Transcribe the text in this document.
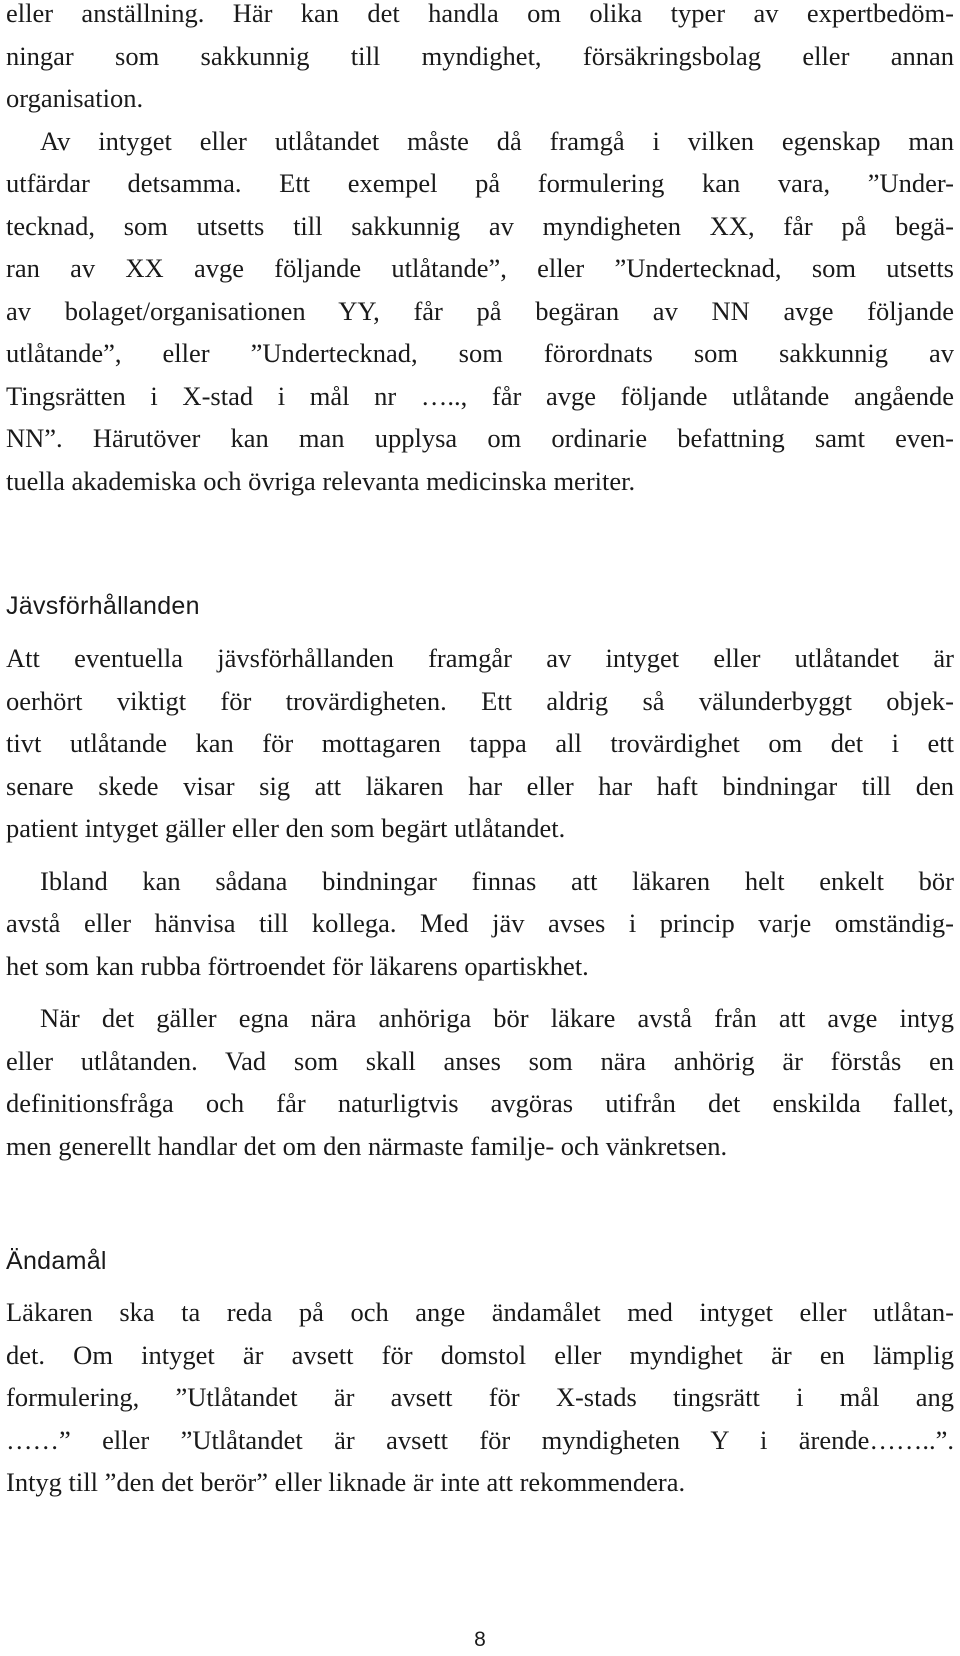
eller anställning. Här kan det handla om olika typer av expertbedöm-
ningar som sakkunnig till myndighet, försäkringsbolag eller annan
organisation.
Av intyget eller utlåtandet måste då framgå i vilken egenskap man
utfärdar detsamma. Ett exempel på formulering kan vara, ”Under-
tecknad, som utsetts till sakkunnig av myndigheten XX, får på begä-
ran av XX avge följande utlåtande”, eller ”Undertecknad, som utsetts
av bolaget/organisationen YY, får på begäran av NN avge följande
utlåtande”, eller ”Undertecknad, som förordnats som sakkunnig av
Tingsrätten i X-stad i mål nr ….., får avge följande utlåtande angående
NN”. Härutöver kan man upplysa om ordinarie befattning samt even-
tuella akademiska och övriga relevanta medicinska meriter.
Jävsförhållanden
Att eventuella jävsförhållanden framgår av intyget eller utlåtandet är
oerhört viktigt för trovärdigheten. Ett aldrig så välunderbyggt objek-
tivt utlåtande kan för mottagaren tappa all trovärdighet om det i ett
senare skede visar sig att läkaren har eller har haft bindningar till den
patient intyget gäller eller den som begärt utlåtandet.
Ibland kan sådana bindningar finnas att läkaren helt enkelt bör
avstå eller hänvisa till kollega. Med jäv avses i princip varje omständig-
het som kan rubba förtroendet för läkarens opartiskhet.
När det gäller egna nära anhöriga bör läkare avstå från att avge intyg
eller utlåtanden. Vad som skall anses som nära anhörig är förstås en
definitionsfråga och får naturligtvis avgöras utifrån det enskilda fallet,
men generellt handlar det om den närmaste familje- och vänkretsen.
Ändamål
Läkaren ska ta reda på och ange ändamålet med intyget eller utlåtan-
det. Om intyget är avsett för domstol eller myndighet är en lämplig
formulering, ”Utlåtandet är avsett för X-stads tingsrätt i mål ang
……” eller ”Utlåtandet är avsett för myndigheten Y i ärende……..”.
Intyg till ”den det berör” eller liknade är inte att rekommendera.
8
